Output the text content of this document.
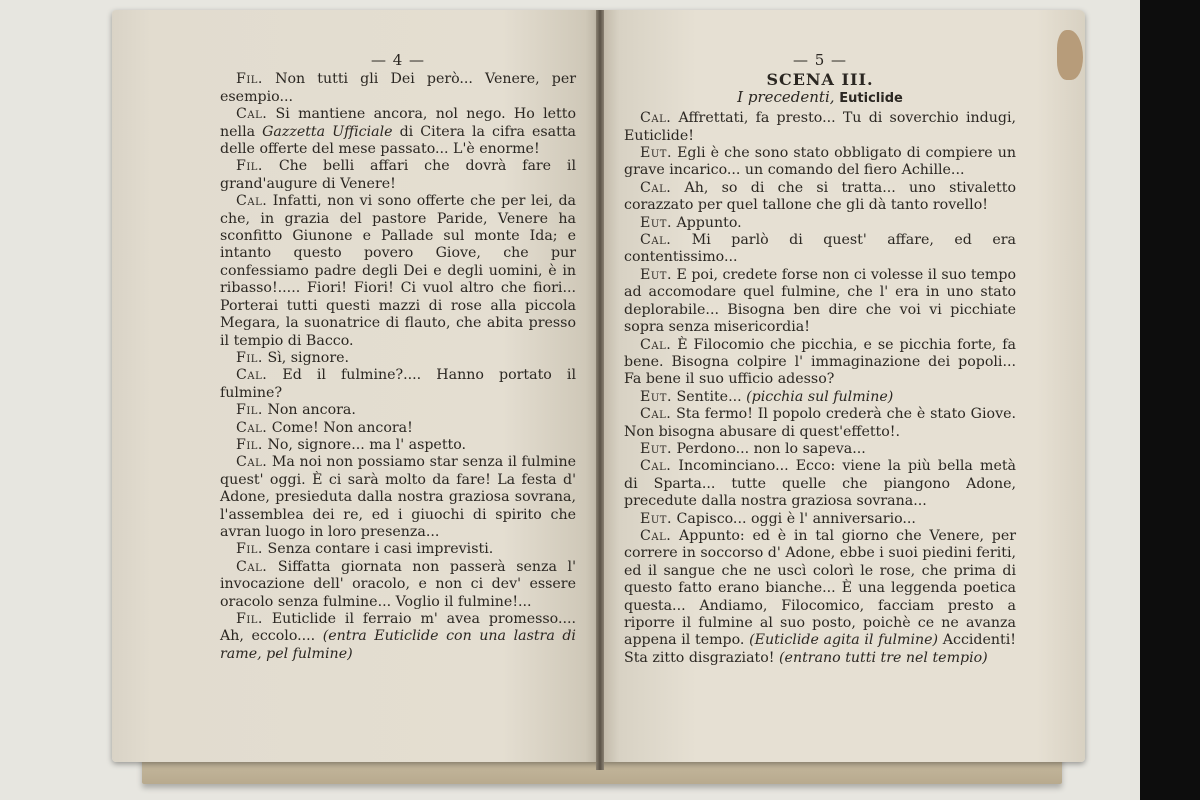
— 4 —

Fil. Non tutti gli Dei però... Venere, per esempio...

Cal. Si mantiene ancora, nol nego. Ho letto nella Gazzetta Ufficiale di Citera la cifra esatta delle offerte del mese passato... L'è enorme!

Fil. Che belli affari che dovrà fare il grand'augure di Venere!

Cal. Infatti, non vi sono offerte che per lei, da che, in grazia del pastore Paride, Venere ha sconfitto Giunone e Pallade sul monte Ida; e intanto questo povero Giove, che pur confessiamo padre degli Dei e degli uomini, è in ribasso!..... Fiori! Fiori! Ci vuol altro che fiori... Porterai tutti questi mazzi di rose alla piccola Megara, la suonatrice di flauto, che abita presso il tempio di Bacco.

Fil. Sì, signore.

Cal. Ed il fulmine?.... Hanno portato il fulmine?

Fil. Non ancora.

Cal. Come! Non ancora!

Fil. No, signore... ma l' aspetto.

Cal. Ma noi non possiamo star senza il fulmine quest' oggi. È ci sarà molto da fare! La festa d' Adone, presieduta dalla nostra graziosa sovrana, l'assemblea dei re, ed i giuochi di spirito che avran luogo in loro presenza...

Fil. Senza contare i casi imprevisti.

Cal. Siffatta giornata non passerà senza l' invocazione dell' oracolo, e non ci dev' essere oracolo senza fulmine... Voglio il fulmine!...

Fil. Euticlide il ferraio m' avea promesso.... Ah, eccolo.... (entra Euticlide con una lastra di rame, pel fulmine)

— 5 —
SCENA III.
I precedenti, Euticlide

Cal. Affrettati, fa presto... Tu di soverchio indugi, Euticlide!

Eut. Egli è che sono stato obbligato di compiere un grave incarico... un comando del fiero Achille...

Cal. Ah, so di che si tratta... uno stivaletto corazzato per quel tallone che gli dà tanto rovello!

Eut. Appunto.

Cal. Mi parlò di quest' affare, ed era contentissimo...

Eut. E poi, credete forse non ci volesse il suo tempo ad accomodare quel fulmine, che l' era in uno stato deplorabile... Bisogna ben dire che voi vi picchiate sopra senza misericordia!

Cal. È Filocomio che picchia, e se picchia forte, fa bene. Bisogna colpire l' immaginazione dei popoli... Fa bene il suo ufficio adesso?

Eut. Sentite... (picchia sul fulmine)

Cal. Sta fermo! Il popolo crederà che è stato Giove. Non bisogna abusare di quest'effetto!.

Eut. Perdono... non lo sapeva...

Cal. Incominciano... Ecco: viene la più bella metà di Sparta... tutte quelle che piangono Adone, precedute dalla nostra graziosa sovrana...

Eut. Capisco... oggi è l' anniversario...

Cal. Appunto: ed è in tal giorno che Venere, per correre in soccorso d' Adone, ebbe i suoi piedini feriti, ed il sangue che ne uscì colorì le rose, che prima di questo fatto erano bianche... È una leggenda poetica questa... Andiamo, Filocomico, facciam presto a riporre il fulmine al suo posto, poichè ce ne avanza appena il tempo. (Euticlide agita il fulmine) Accidenti! Sta zitto disgraziato! (entrano tutti tre nel tempio)
